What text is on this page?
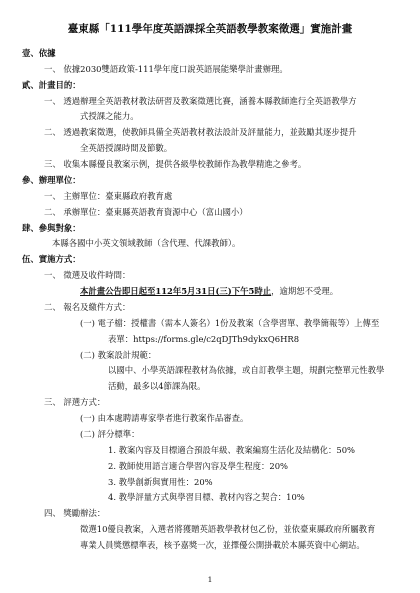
臺東縣「111學年度英語課採全英語教學教案徵選」實施計畫
壹、依據
一、 依據2030雙語政策-111學年度口說英語展能樂學計畫辦理。
貳、計畫目的：
一、 透過辦理全英語教材教法研習及教案徵選比賽，涵養本縣教師進行全英語教學方
式授課之能力。
二、 透過教案徵選，使教師具備全英語教材教法設計及評量能力，並鼓勵其逐步提升
全英語授課時間及節數。
三、 收集本縣優良教案示例，提供各級學校教師作為教學精進之參考。
參、辦理單位：
一、 主辦單位：臺東縣政府教育處
二、 承辦單位：臺東縣英語教育資源中心（富山國小）
肆、參與對象：
本縣各國中小英文領域教師（含代理、代課教師）。
伍、實施方式：
一、 徵選及收件時間：
本計畫公告即日起至112年5月31日(三)下午5時止，逾期恕不受理。
二、 報名及繳件方式：
(一) 電子檔：授權書（需本人簽名）1份及教案（含學習單、教學簡報等）上傳至
表單：https://forms.gle/c2qDJTh9dykxQ6HR8
(二) 教案設計規範：
以國中、小學英語課程教材為依據，或自訂教學主題，規劃完整單元性教學
活動，最多以4節課為限。
三、 評選方式：
(一) 由本處聘請專家學者進行教案作品審查。
(二) 評分標準：
1. 教案內容及目標適合預設年級、教案編寫生活化及結構化：50%
2. 教師使用語言適合學習內容及學生程度：20%
3. 教學創新與實用性：20%
4. 教學評量方式與學習目標、教材內容之契合：10%
四、 獎勵辦法：
徵選10優良教案，入選者將獲贈英語教學教材包乙份，並依臺東縣政府所屬教育
專業人員獎懲標準表，核予嘉獎一次，並擇優公開掛載於本縣英資中心網站。
1
